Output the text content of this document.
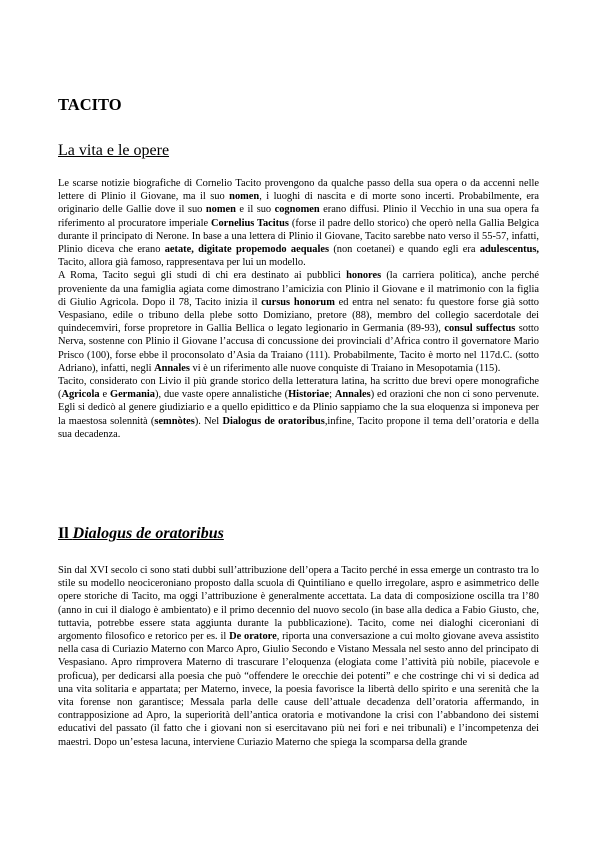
TACITO
La vita e le opere

Le scarse notizie biografiche di Cornelio Tacito provengono da qualche passo della sua opera o da accenni nelle lettere di Plinio il Giovane, ma il suo nomen, i luoghi di nascita e di morte sono incerti. Probabilmente, era originario delle Gallie dove il suo nomen e il suo cognomen erano diffusi. Plinio il Vecchio in una sua opera fa riferimento al procuratore imperiale Cornelius Tacitus (forse il padre dello storico) che operò nella Gallia Belgica durante il principato di Nerone. In base a una lettera di Plinio il Giovane, Tacito sarebbe nato verso il 55-57, infatti, Plinio diceva che erano aetate, digitate propemodo aequales (non coetanei) e quando egli era adulescentus, Tacito, allora già famoso, rappresentava per lui un modello.

A Roma, Tacito seguì gli studi di chi era destinato ai pubblici honores (la carriera politica), anche perché proveniente da una famiglia agiata come dimostrano l’amicizia con Plinio il Giovane e il matrimonio con la figlia di Giulio Agricola. Dopo il 78, Tacito inizia il cursus honorum ed entra nel senato: fu questore forse già sotto Vespasiano, edile o tribuno della plebe sotto Domiziano, pretore (88), membro del collegio sacerdotale dei quindecemviri, forse propretore in Gallia Bellica o legato legionario in Germania (89-93), consul suffectus sotto Nerva, sostenne con Plinio il Giovane l’accusa di concussione dei provinciali d’Africa contro il governatore Mario Prisco (100), forse ebbe il proconsolato d’Asia da Traiano (111). Probabilmente, Tacito è morto nel 117d.C. (sotto Adriano), infatti, negli Annales vi è un riferimento alle nuove conquiste di Traiano in Mesopotamia (115).

Tacito, considerato con Livio il più grande storico della letteratura latina, ha scritto due brevi opere monografiche (Agricola e Germania), due vaste opere annalistiche (Historiae; Annales) ed orazioni che non ci sono pervenute. Egli si dedicò al genere giudiziario e a quello epidittico e da Plinio sappiamo che la sua eloquenza si imponeva per la maestosa solennità (semnòtes). Nel Dialogus de oratoribus,infine, Tacito propone il tema dell’oratoria e della sua decadenza.

Il Dialogus de oratoribus

Sin dal XVI secolo ci sono stati dubbi sull’attribuzione dell’opera a Tacito perché in essa emerge un contrasto tra lo stile su modello neociceroniano proposto dalla scuola di Quintiliano e quello irregolare, aspro e asimmetrico delle opere storiche di Tacito, ma oggi l’attribuzione è generalmente accettata. La data di composizione oscilla tra l’80 (anno in cui il dialogo è ambientato) e il primo decennio del nuovo secolo (in base alla dedica a Fabio Giusto, che, tuttavia, potrebbe essere stata aggiunta durante la pubblicazione). Tacito, come nei dialoghi ciceroniani di argomento filosofico e retorico per es. il De oratore, riporta una conversazione a cui molto giovane aveva assistito nella casa di Curiazio Materno con Marco Apro, Giulio Secondo e Vistano Messala nel sesto anno del principato di Vespasiano. Apro rimprovera Materno di trascurare l’eloquenza (elogiata come l’attività più nobile, piacevole e proficua), per dedicarsi alla poesia che può “offendere le orecchie dei potenti” e che costringe chi vi si dedica ad una vita solitaria e appartata; per Materno, invece, la poesia favorisce la libertà dello spirito e una serenità che la vita forense non garantisce; Messala parla delle cause dell’attuale decadenza dell’oratoria affermando, in contrapposizione ad Apro, la superiorità dell’antica oratoria e motivandone la crisi con l’abbandono dei sistemi educativi del passato (il fatto che i giovani non si esercitavano più nei fori e nei tribunali) e l’incompetenza dei maestri. Dopo un’estesa lacuna, interviene Curiazio Materno che spiega la scomparsa della grande
